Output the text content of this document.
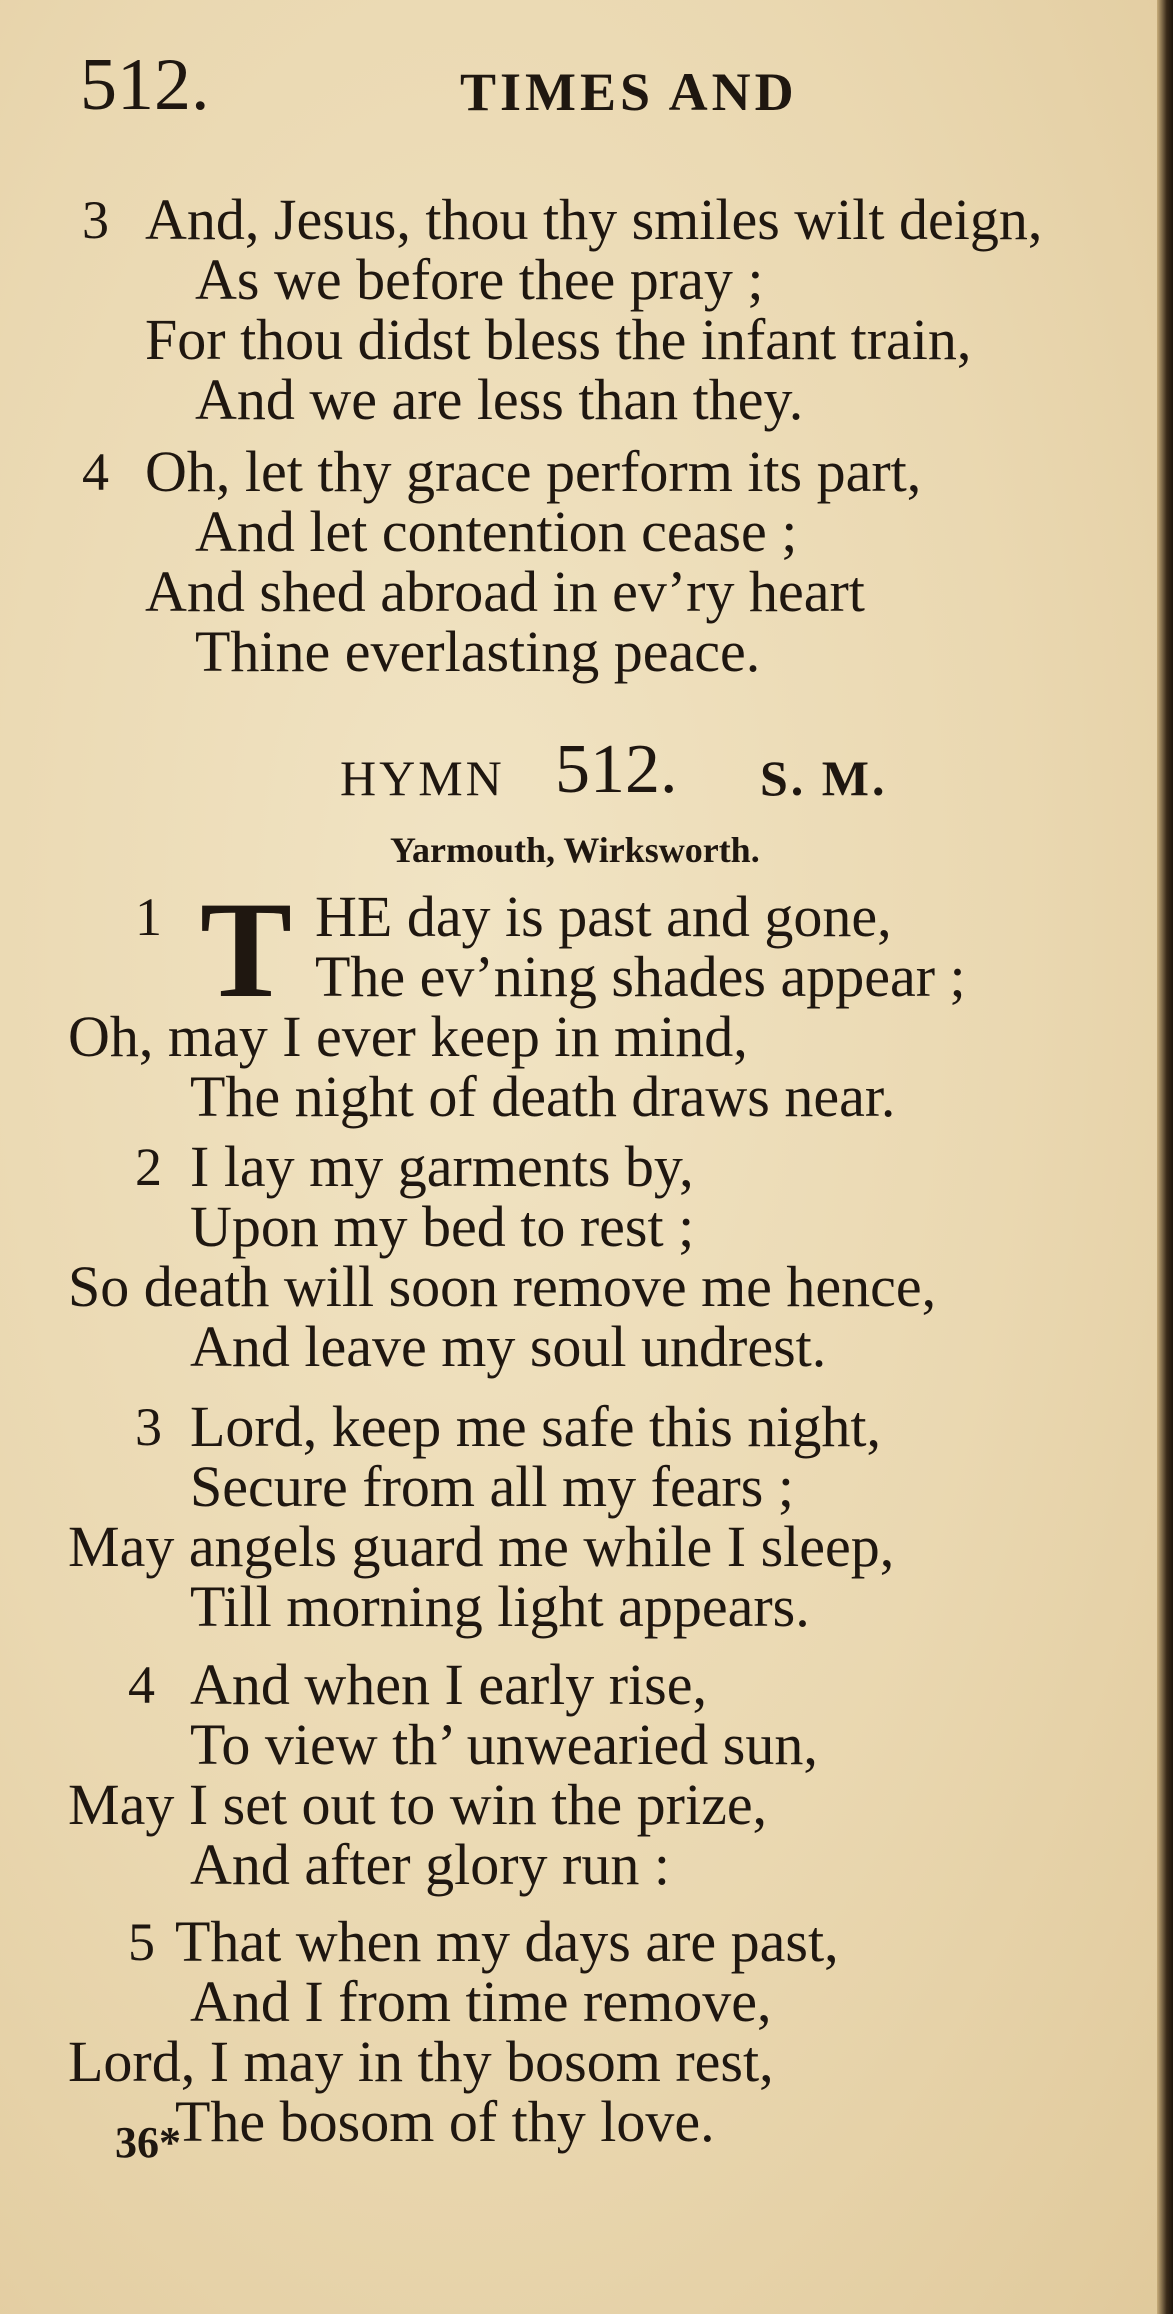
512.	TIMES AND
3 And, Jesus, thou thy smiles wilt deign,
As we before thee pray ;
For thou didst bless the infant train,
And we are less than they.
4 Oh, let thy grace perform its part,
And let contention cease ;
And shed abroad in ev’ry heart
Thine everlasting peace.
HYMN 512. S. M.
Yarmouth, Wirksworth.
1 T HE day is past and gone,
The ev’ning shades appear ;
Oh, may I ever keep in mind,
The night of death draws near.
2 I lay my garments by,
Upon my bed to rest ;
So death will soon remove me hence,
And leave my soul undrest.
3 Lord, keep me safe this night,
Secure from all my fears ;
May angels guard me while I sleep,
Till morning light appears.
4 And when I early rise,
To view th’ unwearied sun,
May I set out to win the prize,
And after glory run :
5 That when my days are past,
And I from time remove,
Lord, I may in thy bosom rest,
The bosom of thy love.
36*
